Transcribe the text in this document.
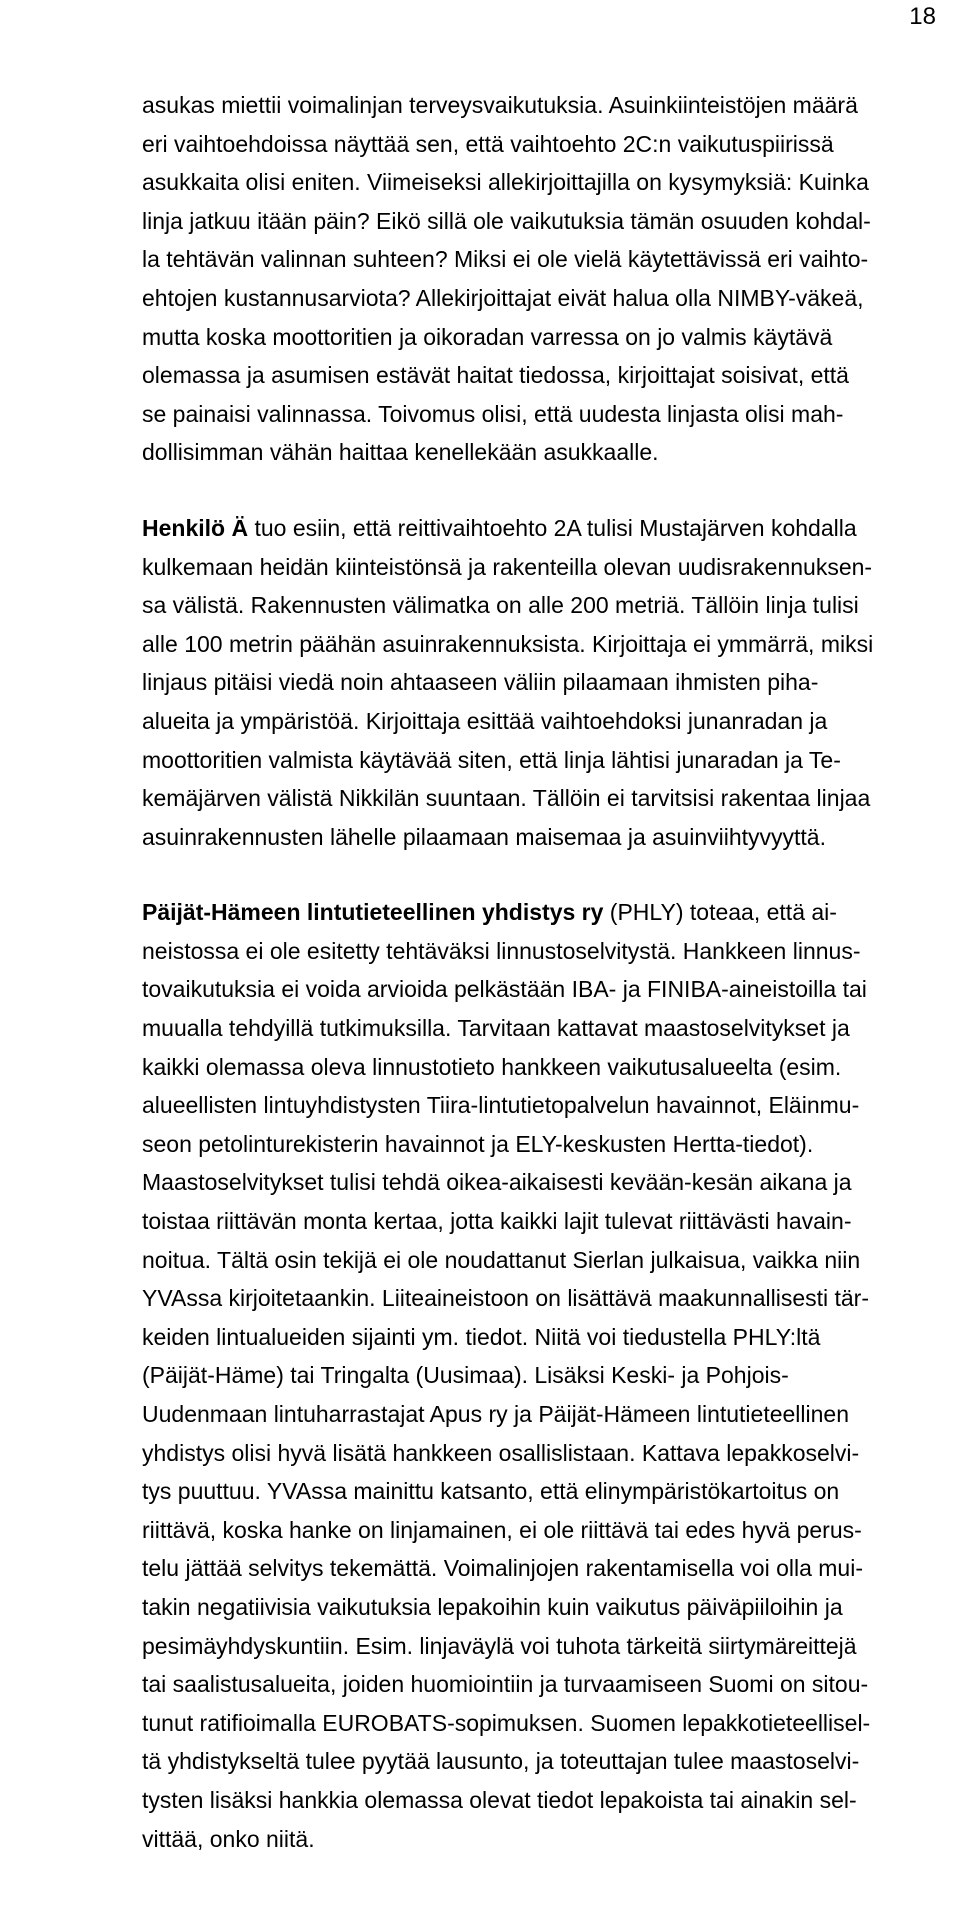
18

asukas miettii voimalinjan terveysvaikutuksia. Asuinkiinteistöjen määrä
eri vaihtoehdoissa näyttää sen, että vaihtoehto 2C:n vaikutuspiirissä
asukkaita olisi eniten. Viimeiseksi allekirjoittajilla on kysymyksiä: Kuinka
linja jatkuu itään päin? Eikö sillä ole vaikutuksia tämän osuuden kohdal-
la tehtävän valinnan suhteen? Miksi ei ole vielä käytettävissä eri vaihto-
ehtojen kustannusarviota? Allekirjoittajat eivät halua olla NIMBY-väkeä,
mutta koska moottoritien ja oikoradan varressa on jo valmis käytävä
olemassa ja asumisen estävät haitat tiedossa, kirjoittajat soisivat, että
se painaisi valinnassa. Toivomus olisi, että uudesta linjasta olisi mah-
dollisimman vähän haittaa kenellekään asukkaalle.

Henkilö Ä tuo esiin, että reittivaihtoehto 2A tulisi Mustajärven kohdalla
kulkemaan heidän kiinteistönsä ja rakenteilla olevan uudisrakennuksen-
sa välistä. Rakennusten välimatka on alle 200 metriä. Tällöin linja tulisi
alle 100 metrin päähän asuinrakennuksista. Kirjoittaja ei ymmärrä, miksi
linjaus pitäisi viedä noin ahtaaseen väliin pilaamaan ihmisten piha-
alueita ja ympäristöä. Kirjoittaja esittää vaihtoehdoksi junanradan ja
moottoritien valmista käytävää siten, että linja lähtisi junaradan ja Te-
kemäjärven välistä Nikkilän suuntaan. Tällöin ei tarvitsisi rakentaa linjaa
asuinrakennusten lähelle pilaamaan maisemaa ja asuinviihtyvyyttä.

Päijät-Hämeen lintutieteellinen yhdistys ry (PHLY) toteaa, että ai-
neistossa ei ole esitetty tehtäväksi linnustoselvitystä. Hankkeen linnus-
tovaikutuksia ei voida arvioida pelkästään IBA- ja FINIBA-aineistoilla tai
muualla tehdyillä tutkimuksilla. Tarvitaan kattavat maastoselvitykset ja
kaikki olemassa oleva linnustotieto hankkeen vaikutusalueelta (esim.
alueellisten lintuyhdistysten Tiira-lintutietopalvelun havainnot, Eläinmu-
seon petolinturekisterin havainnot ja ELY-keskusten Hertta-tiedot).
Maastoselvitykset tulisi tehdä oikea-aikaisesti kevään-kesän aikana ja
toistaa riittävän monta kertaa, jotta kaikki lajit tulevat riittävästi havain-
noitua. Tältä osin tekijä ei ole noudattanut Sierlan julkaisua, vaikka niin
YVAssa kirjoitetaankin. Liiteaineistoon on lisättävä maakunnallisesti tär-
keiden lintualueiden sijainti ym. tiedot. Niitä voi tiedustella PHLY:ltä
(Päijät-Häme) tai Tringalta (Uusimaa). Lisäksi Keski- ja Pohjois-
Uudenmaan lintuharrastajat Apus ry ja Päijät-Hämeen lintutieteellinen
yhdistys olisi hyvä lisätä hankkeen osallislistaan. Kattava lepakkoselvi-
tys puuttuu. YVAssa mainittu katsanto, että elinympäristökartoitus on
riittävä, koska hanke on linjamainen, ei ole riittävä tai edes hyvä perus-
telu jättää selvitys tekemättä. Voimalinjojen rakentamisella voi olla mui-
takin negatiivisia vaikutuksia lepakoihin kuin vaikutus päiväpiiloihin ja
pesimäyhdyskuntiin. Esim. linjaväylä voi tuhota tärkeitä siirtymäreittejä
tai saalistusalueita, joiden huomiointiin ja turvaamiseen Suomi on sitou-
tunut ratifioimalla EUROBATS-sopimuksen. Suomen lepakkotieteellisel-
tä yhdistykseltä tulee pyytää lausunto, ja toteuttajan tulee maastoselvi-
tysten lisäksi hankkia olemassa olevat tiedot lepakoista tai ainakin sel-
vittää, onko niitä.
